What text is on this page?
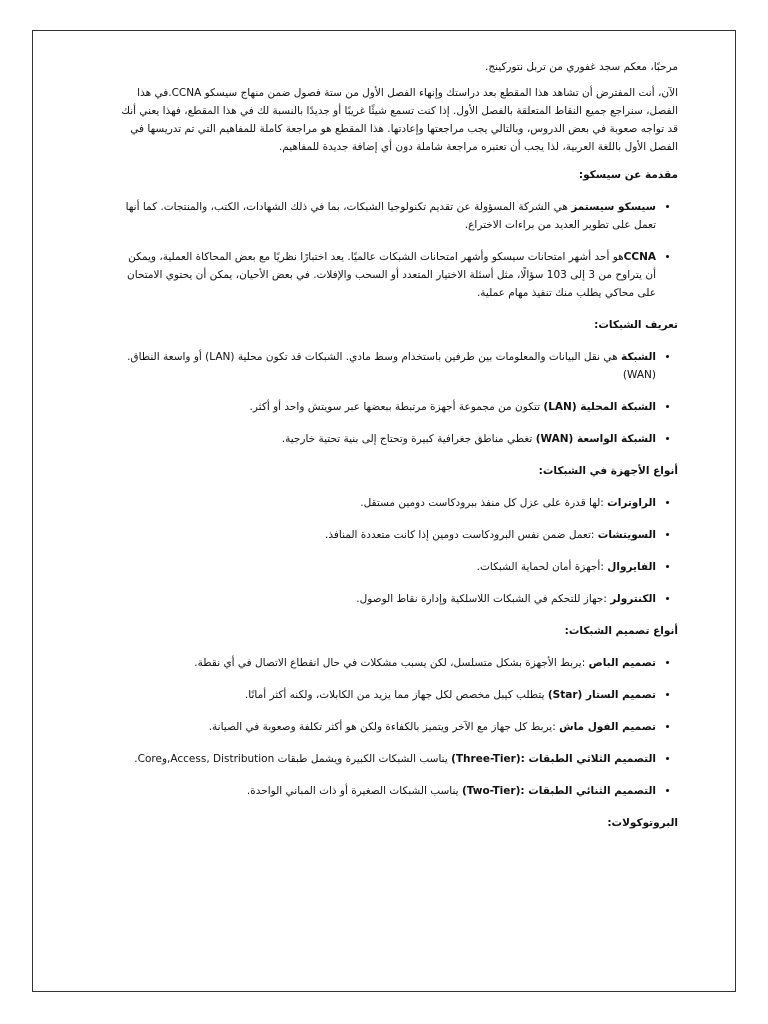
مرحبًا، معكم سجد غفوري من تربل نتوركينج.

الآن، أنت المفترض أن تشاهد هذا المقطع بعد دراستك وإنهاء الفصل الأول من ستة فصول ضمن منهاج سيسكو CCNA.في هذا الفصل، سنراجع جميع النقاط المتعلقة بالفصل الأول. إذا كنت تسمع شيئًا غريبًا أو جديدًا بالنسبة لك في هذا المقطع، فهذا يعني أنك قد تواجه صعوبة في بعض الدروس، وبالتالي يجب مراجعتها وإعادتها. هذا المقطع هو مراجعة كاملة للمفاهيم التي تم تدريسها في الفصل الأول باللغة العربية، لذا يجب أن تعتبره مراجعة شاملة دون أي إضافة جديدة للمفاهيم.

مقدمة عن سيسكو:
• سيسكو سيستمز هي الشركة المسؤولة عن تقديم تكنولوجيا الشبكات، بما في ذلك الشهادات، الكتب، والمنتجات. كما أنها تعمل على تطوير العديد من براءات الاختراع.
• CCNAهو أحد أشهر امتحانات سيسكو وأشهر امتحانات الشبكات عالميًا. يعد اختبارًا نظريًا مع بعض المحاكاة العملية، ويمكن أن يتراوح من 3 إلى 103 سؤالًا، مثل أسئلة الاختيار المتعدد أو السحب والإفلات. في بعض الأحيان، يمكن أن يحتوي الامتحان على محاكي يطلب منك تنفيذ مهام عملية.
تعريف الشبكات:
• الشبكة هي نقل البيانات والمعلومات بين طرفين باستخدام وسط مادي. الشبكات قد تكون محلية (LAN) أو واسعة النطاق.(WAN)
• الشبكة المحلية (LAN) تتكون من مجموعة أجهزة مرتبطة ببعضها عبر سويتش واحد أو أكثر.
• الشبكة الواسعة (WAN) تغطي مناطق جغرافية كبيرة وتحتاج إلى بنية تحتية خارجية.
أنواع الأجهزة في الشبكات:
• الراوترات :لها قدرة على عزل كل منفذ ببرودكاست دومين مستقل.
• السويتشات :تعمل ضمن نفس البرودكاست دومين إذا كانت متعددة المنافذ.
• الفايروال :أجهزة أمان لحماية الشبكات.
• الكنترولر :جهاز للتحكم في الشبكات اللاسلكية وإدارة نقاط الوصول.
أنواع تصميم الشبكات:
• تصميم الباص :يربط الأجهزة بشكل متسلسل، لكن يسبب مشكلات في حال انقطاع الاتصال في أي نقطة.
• تصميم الستار (Star) يتطلب كيبل مخصص لكل جهاز مما يزيد من الكابلات، ولكنه أكثر أمانًا.
• تصميم الفول ماش :يربط كل جهاز مع الآخر ويتميز بالكفاءة ولكن هو أكثر تكلفة وصعوبة في الصيانة.
• التصميم الثلاثي الطبقات :(Three-Tier) يناسب الشبكات الكبيرة ويشمل طبقات Access, Distribution,وCore.
• التصميم الثنائي الطبقات :(Two-Tier) يناسب الشبكات الصغيرة أو ذات المباني الواحدة.
البروتوكولات:
